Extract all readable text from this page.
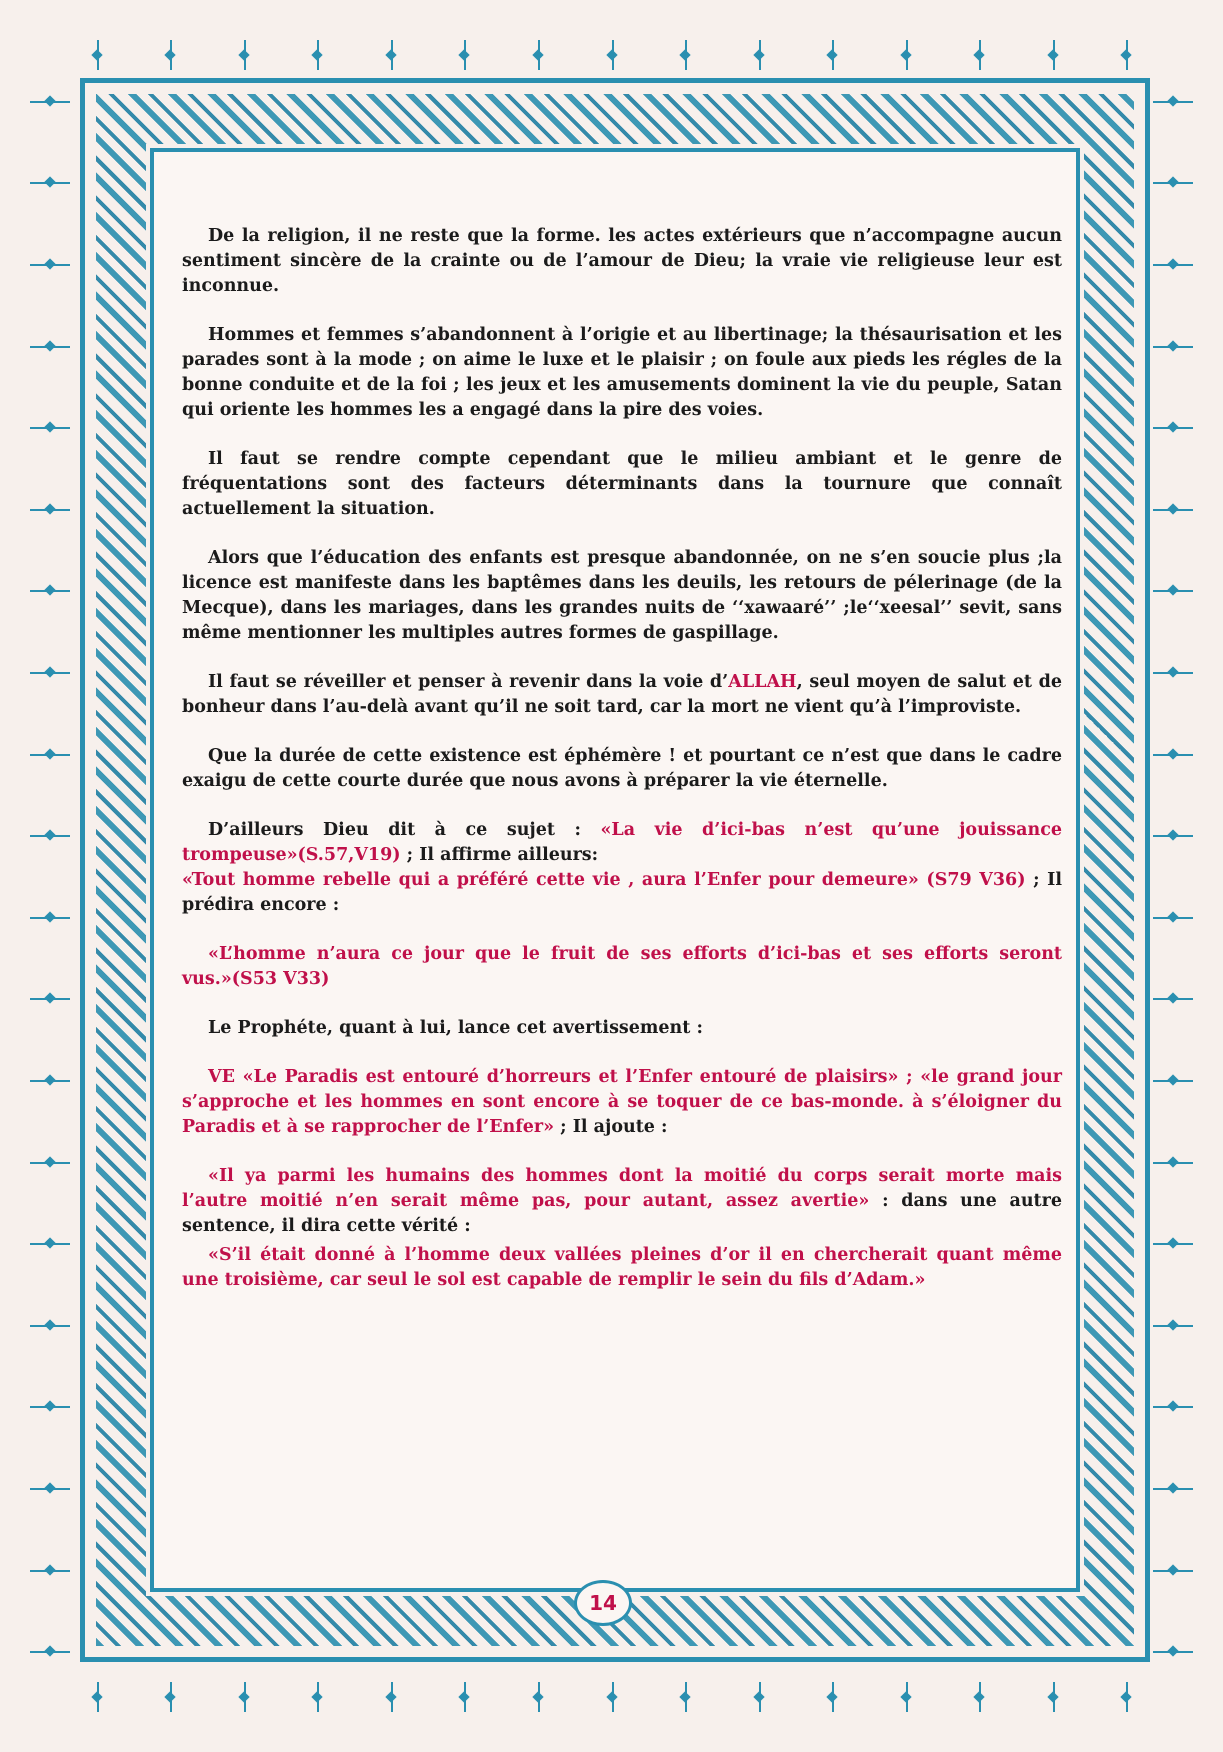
De la religion, il ne reste que la forme. les actes extérieurs que n’accompagne aucun sentiment sincère de la crainte ou de l’amour de Dieu; la vraie vie religieuse leur est inconnue.

Hommes et femmes s’abandonnent à l’origie et au libertinage; la thésaurisation et les parades sont à la mode ; on aime le luxe et le plaisir ; on foule aux pieds les régles de la bonne conduite et de la foi ; les jeux et les amusements dominent la vie du peuple, Satan qui oriente les hommes les a engagé dans la pire des voies.

Il faut se rendre compte cependant que le milieu ambiant et le genre de fréquentations sont des facteurs déterminants dans la tournure que connaît actuellement la situation.

Alors que l’éducation des enfants est presque abandonnée, on ne s’en soucie plus ;la licence est manifeste dans les baptêmes dans les deuils, les retours de pélerinage (de la Mecque), dans les mariages, dans les grandes nuits de ‘‘xawaaré’’ ;le‘‘xeesal’’ sevit, sans même mentionner les multiples autres formes de gaspillage.

Il faut se réveiller et penser à revenir dans la voie d’ALLAH, seul moyen de salut et de bonheur dans l’au-delà avant qu’il ne soit tard, car la mort ne vient qu’à l’improviste.

Que la durée de cette existence est éphémère ! et pourtant ce n’est que dans le cadre exaigu de cette courte durée que nous avons à préparer la vie éternelle.

D’ailleurs Dieu dit à ce sujet : «La vie d’ici-bas n’est qu’une jouissance trompeuse»(S.57,V19) ; Il affirme ailleurs:
«Tout homme rebelle qui a préféré cette vie , aura l’Enfer pour demeure» (S79 V36) ; Il prédira encore :

«L’homme n’aura ce jour que le fruit de ses efforts d’ici-bas et ses efforts seront vus.»(S53 V33)

Le Prophéte, quant à lui, lance cet avertissement :

VE «Le Paradis est entouré d’horreurs et l’Enfer entouré de plaisirs» ; «le grand jour s’approche et les hommes en sont encore à se toquer de ce bas-monde. à s’éloigner du Paradis et à se rapprocher de l’Enfer» ; Il ajoute :

«Il ya parmi les humains des hommes dont la moitié du corps serait morte mais l’autre moitié n’en serait même pas, pour autant, assez avertie» : dans une autre sentence, il dira cette vérité :

«S’il était donné à l’homme deux vallées pleines d’or il en chercherait quant même une troisième, car seul le sol est capable de remplir le sein du fils d’Adam.»

14
